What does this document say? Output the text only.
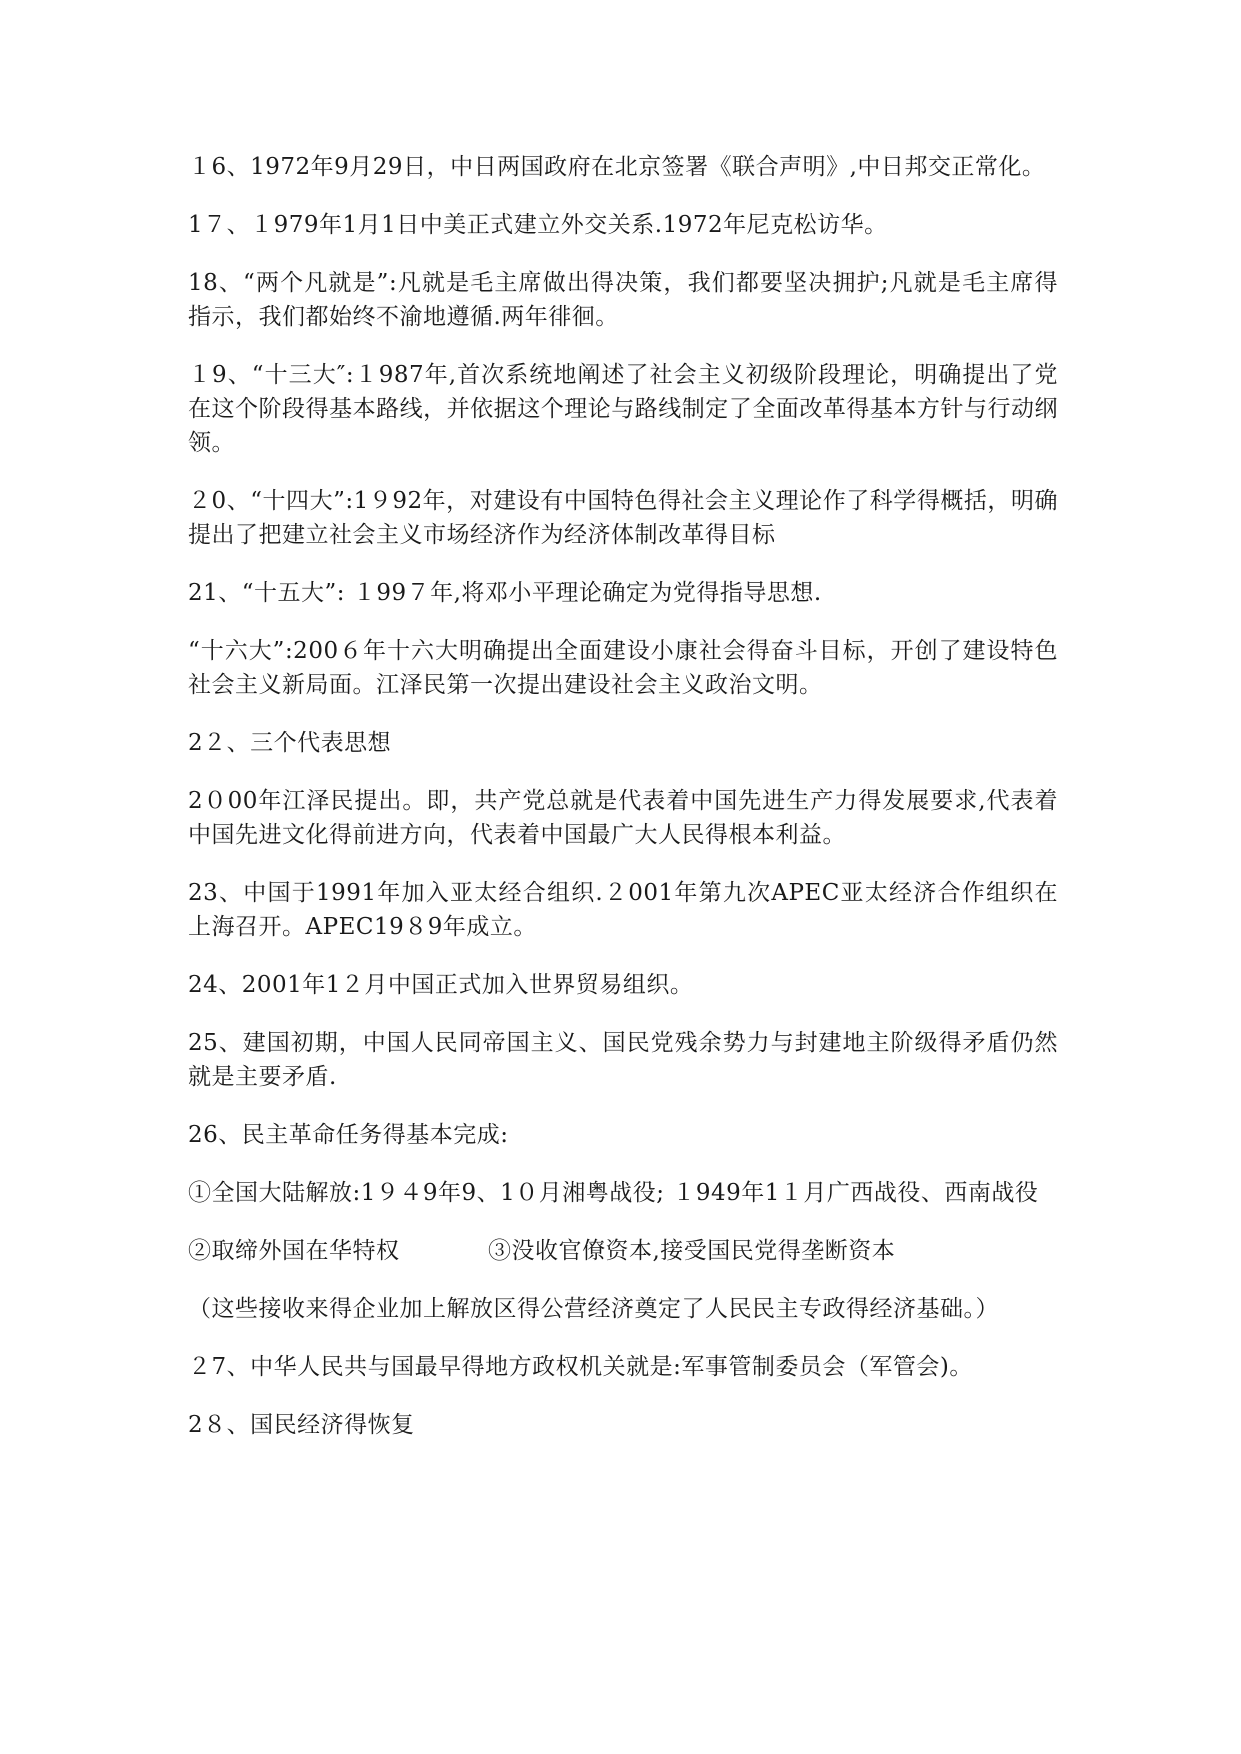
１6、1972年9月29日，中日两国政府在北京签署《联合声明》,中日邦交正常化。

1７、１979年1月1日中美正式建立外交关系.1972年尼克松访华。

18、“两个凡就是”:凡就是毛主席做出得决策，我们都要坚决拥护;凡就是毛主席得指示，我们都始终不渝地遵循.两年徘徊。

１9、“十三大″:１987年,首次系统地阐述了社会主义初级阶段理论，明确提出了党在这个阶段得基本路线，并依据这个理论与路线制定了全面改革得基本方针与行动纲领。

２0、“十四大”:1９92年，对建设有中国特色得社会主义理论作了科学得概括，明确提出了把建立社会主义市场经济作为经济体制改革得目标

21、“十五大”: １99７年,将邓小平理论确定为党得指导思想.

“十六大”:200６年十六大明确提出全面建设小康社会得奋斗目标，开创了建设特色社会主义新局面。江泽民第一次提出建设社会主义政治文明。

2２、三个代表思想

2０00年江泽民提出。即，共产党总就是代表着中国先进生产力得发展要求,代表着中国先进文化得前进方向，代表着中国最广大人民得根本利益。

23、中国于1991年加入亚太经合组织.２001年第九次APEC亚太经济合作组织在上海召开。APEC19８9年成立。

24、2001年1２月中国正式加入世界贸易组织。

25、建国初期，中国人民同帝国主义、国民党残余势力与封建地主阶级得矛盾仍然就是主要矛盾.

26、民主革命任务得基本完成:

①全国大陆解放:1９４9年9、1０月湘粤战役; １949年1１月广西战役、西南战役

②取缔外国在华特权	③没收官僚资本,接受国民党得垄断资本

（这些接收来得企业加上解放区得公营经济奠定了人民民主专政得经济基础。）

２7、中华人民共与国最早得地方政权机关就是:军事管制委员会（军管会)。

2８、国民经济得恢复
